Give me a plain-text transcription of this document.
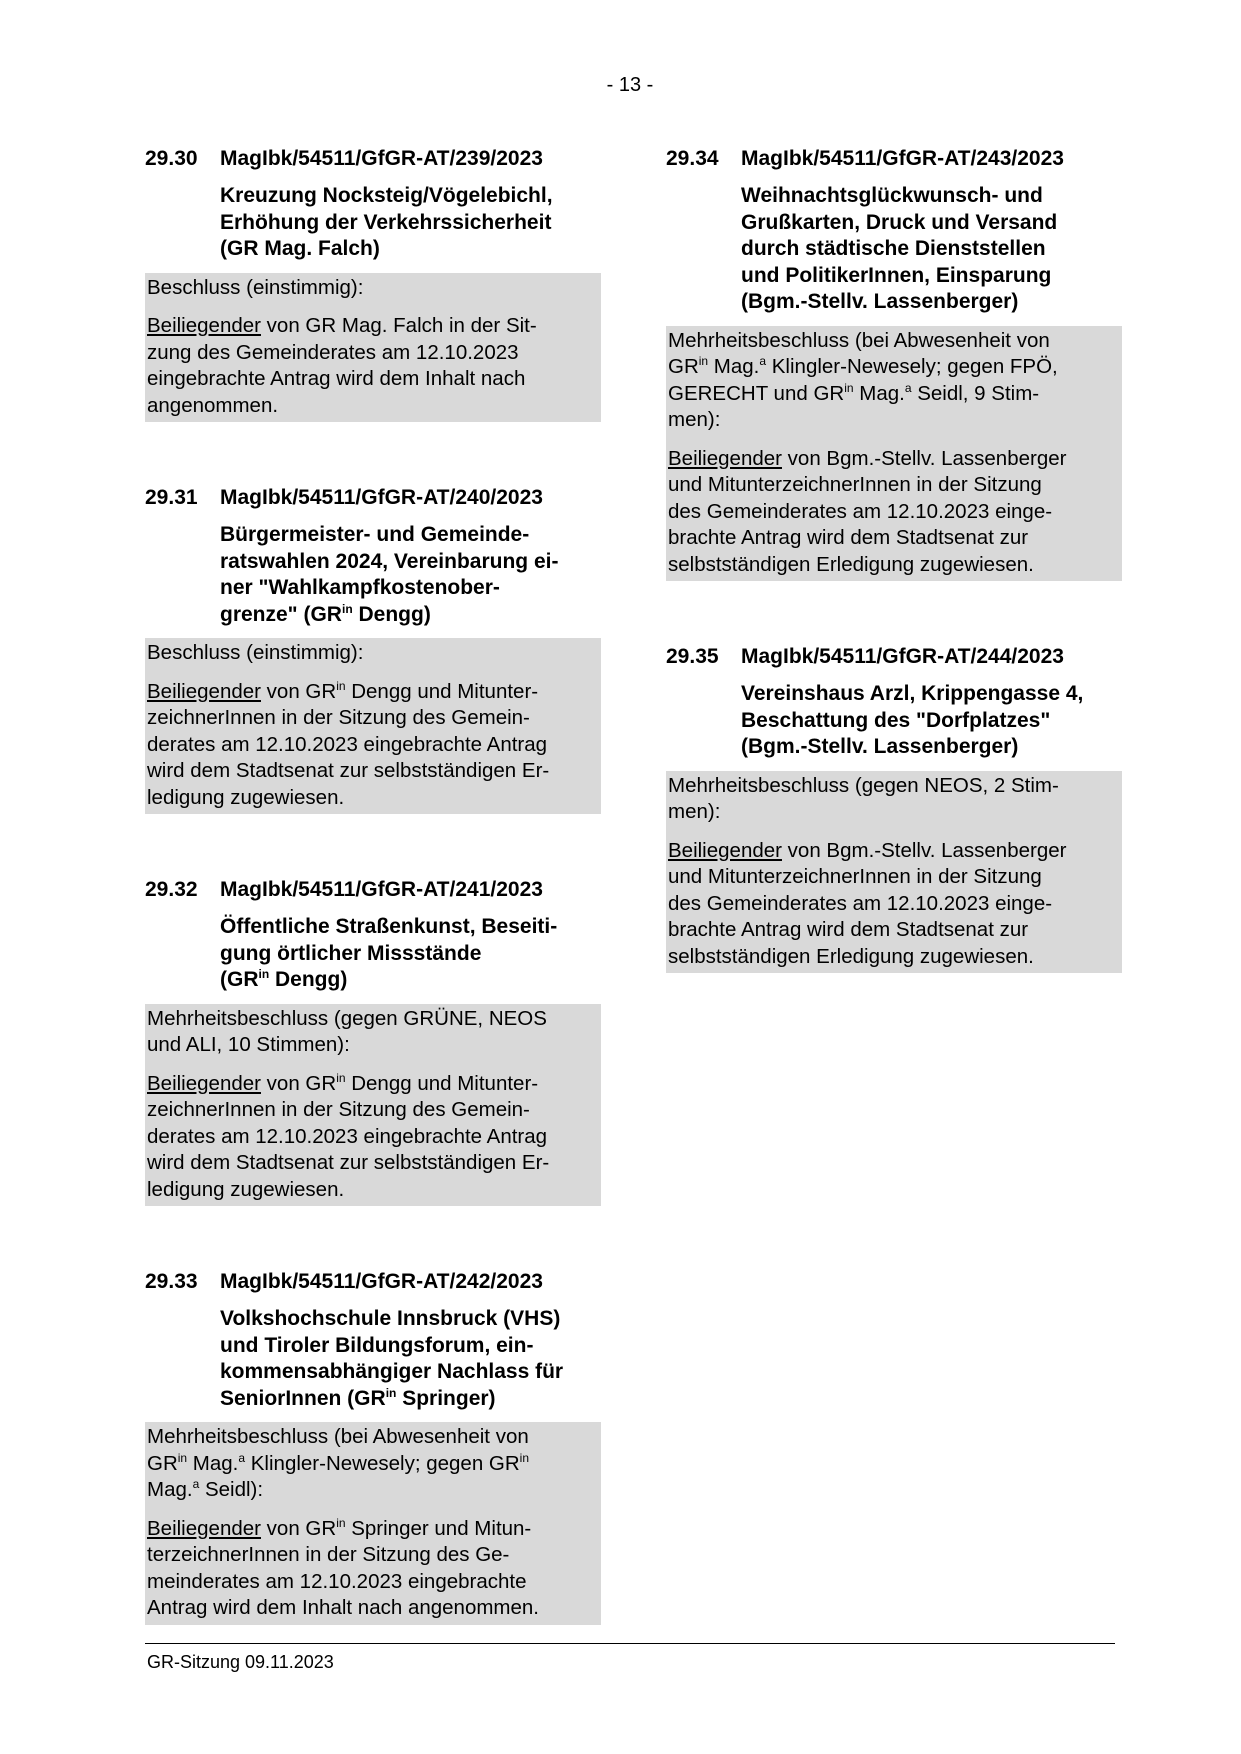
- 13 -
29.30	MagIbk/54511/GfGR-AT/239/2023
Kreuzung Nocksteig/Vögelebichl,
Erhöhung der Verkehrssicherheit
(GR Mag. Falch)

Beschluss (einstimmig):

Beiliegender von GR Mag. Falch in der Sit-
zung des Gemeinderates am 12.10.2023
eingebrachte Antrag wird dem Inhalt nach
angenommen.

29.31	MagIbk/54511/GfGR-AT/240/2023
Bürgermeister- und Gemeinde-
ratswahlen 2024, Vereinbarung ei-
ner "Wahlkampfkostenober-
grenze" ($GR^{in}$ Dengg)

Beschluss (einstimmig):

Beiliegender von $GR^{in}$ Dengg und Mitunter-
zeichnerInnen in der Sitzung des Gemein-
derates am 12.10.2023 eingebrachte Antrag
wird dem Stadtsenat zur selbstständigen Er-
ledigung zugewiesen.

29.32	MagIbk/54511/GfGR-AT/241/2023
Öffentliche Straßenkunst, Beseiti-
gung örtlicher Missstände
($GR^{in}$ Dengg)

Mehrheitsbeschluss (gegen GRÜNE, NEOS
und ALI, 10 Stimmen):

Beiliegender von $GR^{in}$ Dengg und Mitunter-
zeichnerInnen in der Sitzung des Gemein-
derates am 12.10.2023 eingebrachte Antrag
wird dem Stadtsenat zur selbstständigen Er-
ledigung zugewiesen.

29.33	MagIbk/54511/GfGR-AT/242/2023
Volkshochschule Innsbruck (VHS)
und Tiroler Bildungsforum, ein-
kommensabhängiger Nachlass für
SeniorInnen ($GR^{in}$ Springer)

Mehrheitsbeschluss (bei Abwesenheit von
$GR^{in}$ Mag.$^a$ Klingler-Newesely; gegen $GR^{in}$
Mag.$^a$ Seidl):

Beiliegender von $GR^{in}$ Springer und Mitun-
terzeichnerInnen in der Sitzung des Ge-
meinderates am 12.10.2023 eingebrachte
Antrag wird dem Inhalt nach angenommen.

29.34	MagIbk/54511/GfGR-AT/243/2023
Weihnachtsglückwunsch- und
Grußkarten, Druck und Versand
durch städtische Dienststellen
und PolitikerInnen, Einsparung
(Bgm.-Stellv. Lassenberger)

Mehrheitsbeschluss (bei Abwesenheit von
$GR^{in}$ Mag.$^a$ Klingler-Newesely; gegen FPÖ,
GERECHT und $GR^{in}$ Mag.$^a$ Seidl, 9 Stim-
men):

Beiliegender von Bgm.-Stellv. Lassenberger
und MitunterzeichnerInnen in der Sitzung
des Gemeinderates am 12.10.2023 einge-
brachte Antrag wird dem Stadtsenat zur
selbstständigen Erledigung zugewiesen.

29.35	MagIbk/54511/GfGR-AT/244/2023
Vereinshaus Arzl, Krippengasse 4,
Beschattung des "Dorfplatzes"
(Bgm.-Stellv. Lassenberger)

Mehrheitsbeschluss (gegen NEOS, 2 Stim-
men):

Beiliegender von Bgm.-Stellv. Lassenberger
und MitunterzeichnerInnen in der Sitzung
des Gemeinderates am 12.10.2023 einge-
brachte Antrag wird dem Stadtsenat zur
selbstständigen Erledigung zugewiesen.

GR-Sitzung 09.11.2023
